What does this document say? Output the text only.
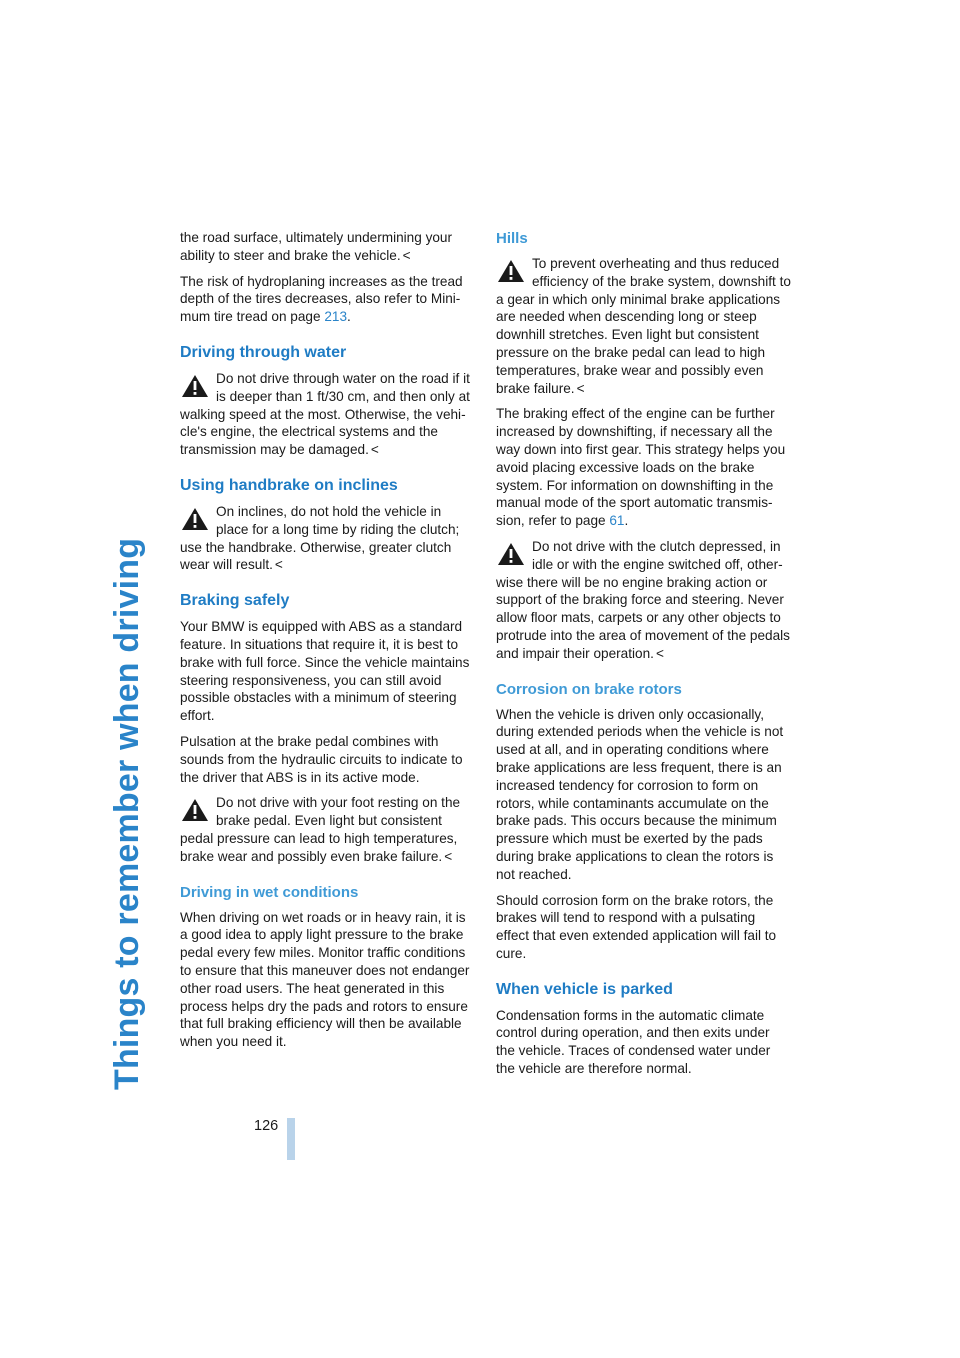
Things to remember when driving
126

the road surface, ultimately undermining your ability to steer and brake the vehicle. <

The risk of hydroplaning increases as the tread depth of the tires decreases, also refer to Minimum tire tread on page 213.

Driving through water
Do not drive through water on the road if it is deeper than 1 ft/30 cm, and then only at walking speed at the most. Otherwise, the vehicle's engine, the electrical systems and the transmission may be damaged. <
Using handbrake on inclines
On inclines, do not hold the vehicle in place for a long time by riding the clutch; use the handbrake. Otherwise, greater clutch wear will result. <
Braking safely

Your BMW is equipped with ABS as a standard feature. In situations that require it, it is best to brake with full force. Since the vehicle maintains steering responsiveness, you can still avoid possible obstacles with a minimum of steering effort.

Pulsation at the brake pedal combines with sounds from the hydraulic circuits to indicate to the driver that ABS is in its active mode.

Do not drive with your foot resting on the brake pedal. Even light but consistent pedal pressure can lead to high temperatures, brake wear and possibly even brake failure. <
Driving in wet conditions

When driving on wet roads or in heavy rain, it is a good idea to apply light pressure to the brake pedal every few miles. Monitor traffic conditions to ensure that this maneuver does not endanger other road users. The heat generated in this process helps dry the pads and rotors to ensure that full braking efficiency will then be available when you need it.

Hills
To prevent overheating and thus reduced efficiency of the brake system, downshift to a gear in which only minimal brake applications are needed when descending long or steep downhill stretches. Even light but consistent pressure on the brake pedal can lead to high temperatures, brake wear and possibly even brake failure. <

The braking effect of the engine can be further increased by downshifting, if necessary all the way down into first gear. This strategy helps you avoid placing excessive loads on the brake system. For information on downshifting in the manual mode of the sport automatic transmission, refer to page 61.

Do not drive with the clutch depressed, in idle or with the engine switched off, otherwise there will be no engine braking action or support of the braking force and steering. Never allow floor mats, carpets or any other objects to protrude into the area of movement of the pedals and impair their operation. <
Corrosion on brake rotors

When the vehicle is driven only occasionally, during extended periods when the vehicle is not used at all, and in operating conditions where brake applications are less frequent, there is an increased tendency for corrosion to form on rotors, while contaminants accumulate on the brake pads. This occurs because the minimum pressure which must be exerted by the pads during brake applications to clean the rotors is not reached.

Should corrosion form on the brake rotors, the brakes will tend to respond with a pulsating effect that even extended application will fail to cure.

When vehicle is parked

Condensation forms in the automatic climate control during operation, and then exits under the vehicle. Traces of condensed water under the vehicle are therefore normal.
